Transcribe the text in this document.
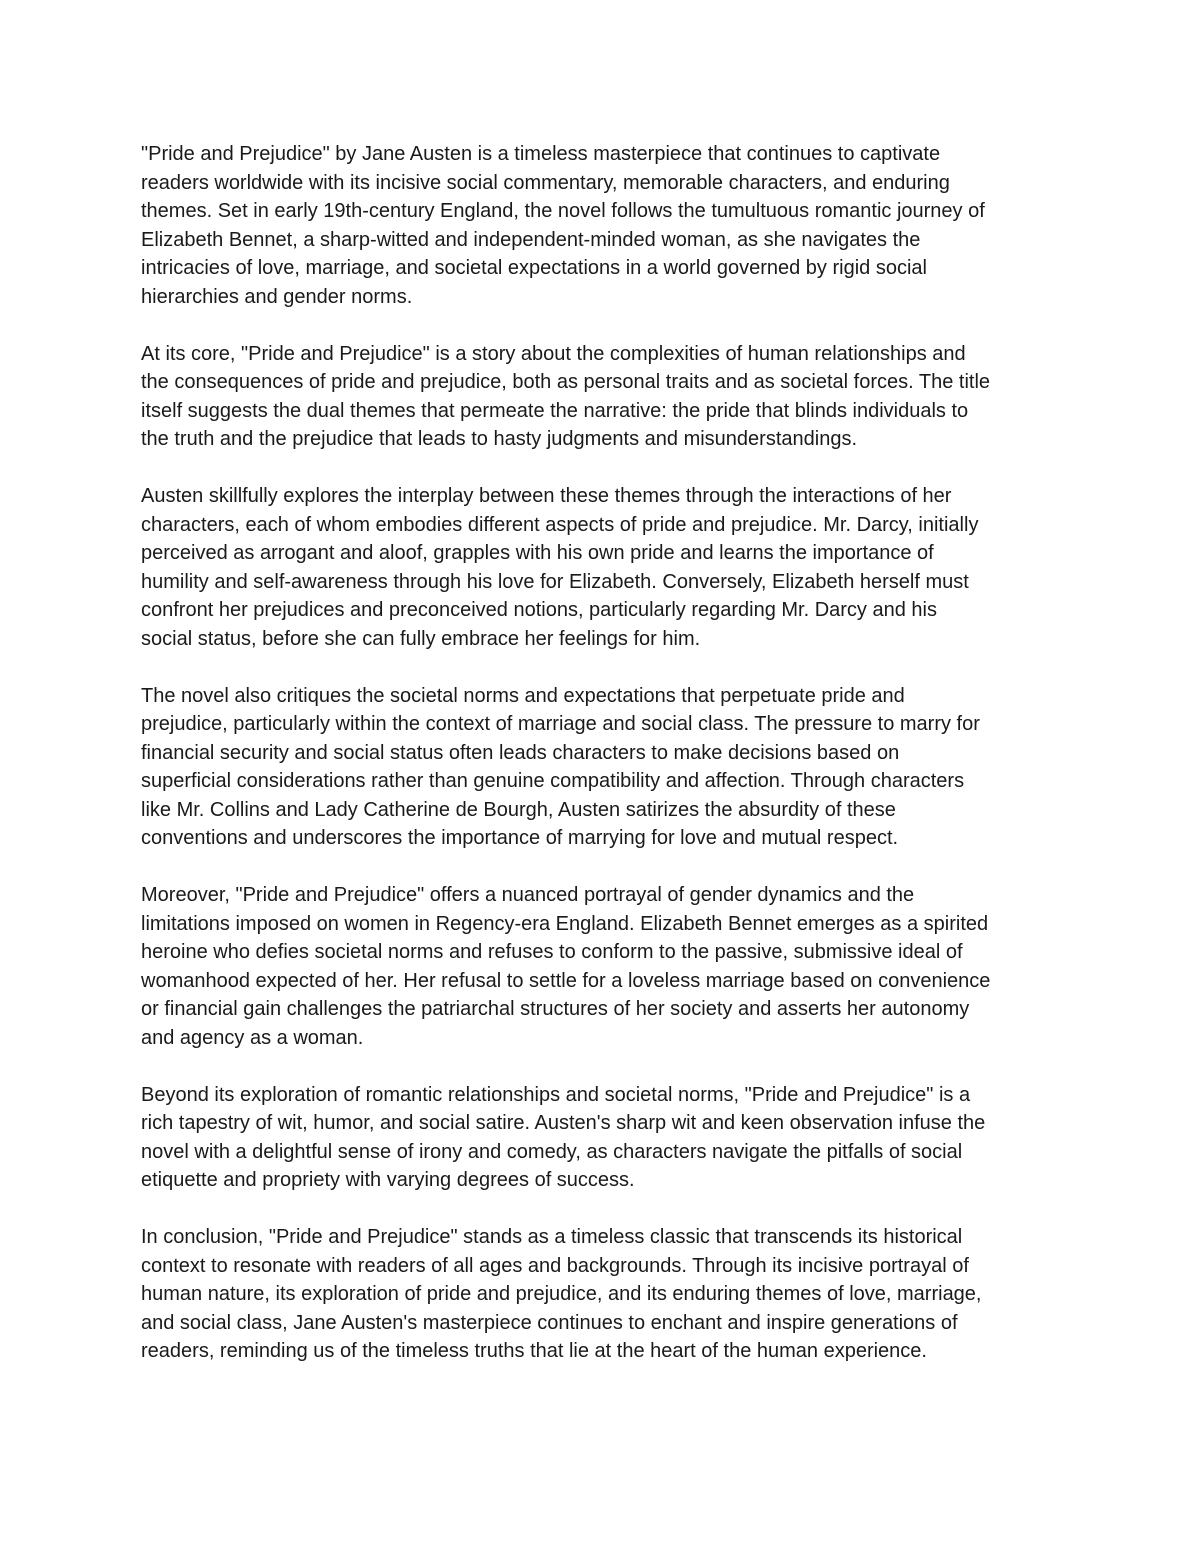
"Pride and Prejudice" by Jane Austen is a timeless masterpiece that continues to captivate
readers worldwide with its incisive social commentary, memorable characters, and enduring
themes. Set in early 19th-century England, the novel follows the tumultuous romantic journey of
Elizabeth Bennet, a sharp-witted and independent-minded woman, as she navigates the
intricacies of love, marriage, and societal expectations in a world governed by rigid social
hierarchies and gender norms.

At its core, "Pride and Prejudice" is a story about the complexities of human relationships and
the consequences of pride and prejudice, both as personal traits and as societal forces. The title
itself suggests the dual themes that permeate the narrative: the pride that blinds individuals to
the truth and the prejudice that leads to hasty judgments and misunderstandings.

Austen skillfully explores the interplay between these themes through the interactions of her
characters, each of whom embodies different aspects of pride and prejudice. Mr. Darcy, initially
perceived as arrogant and aloof, grapples with his own pride and learns the importance of
humility and self-awareness through his love for Elizabeth. Conversely, Elizabeth herself must
confront her prejudices and preconceived notions, particularly regarding Mr. Darcy and his
social status, before she can fully embrace her feelings for him.

The novel also critiques the societal norms and expectations that perpetuate pride and
prejudice, particularly within the context of marriage and social class. The pressure to marry for
financial security and social status often leads characters to make decisions based on
superficial considerations rather than genuine compatibility and affection. Through characters
like Mr. Collins and Lady Catherine de Bourgh, Austen satirizes the absurdity of these
conventions and underscores the importance of marrying for love and mutual respect.

Moreover, "Pride and Prejudice" offers a nuanced portrayal of gender dynamics and the
limitations imposed on women in Regency-era England. Elizabeth Bennet emerges as a spirited
heroine who defies societal norms and refuses to conform to the passive, submissive ideal of
womanhood expected of her. Her refusal to settle for a loveless marriage based on convenience
or financial gain challenges the patriarchal structures of her society and asserts her autonomy
and agency as a woman.

Beyond its exploration of romantic relationships and societal norms, "Pride and Prejudice" is a
rich tapestry of wit, humor, and social satire. Austen's sharp wit and keen observation infuse the
novel with a delightful sense of irony and comedy, as characters navigate the pitfalls of social
etiquette and propriety with varying degrees of success.

In conclusion, "Pride and Prejudice" stands as a timeless classic that transcends its historical
context to resonate with readers of all ages and backgrounds. Through its incisive portrayal of
human nature, its exploration of pride and prejudice, and its enduring themes of love, marriage,
and social class, Jane Austen's masterpiece continues to enchant and inspire generations of
readers, reminding us of the timeless truths that lie at the heart of the human experience.
